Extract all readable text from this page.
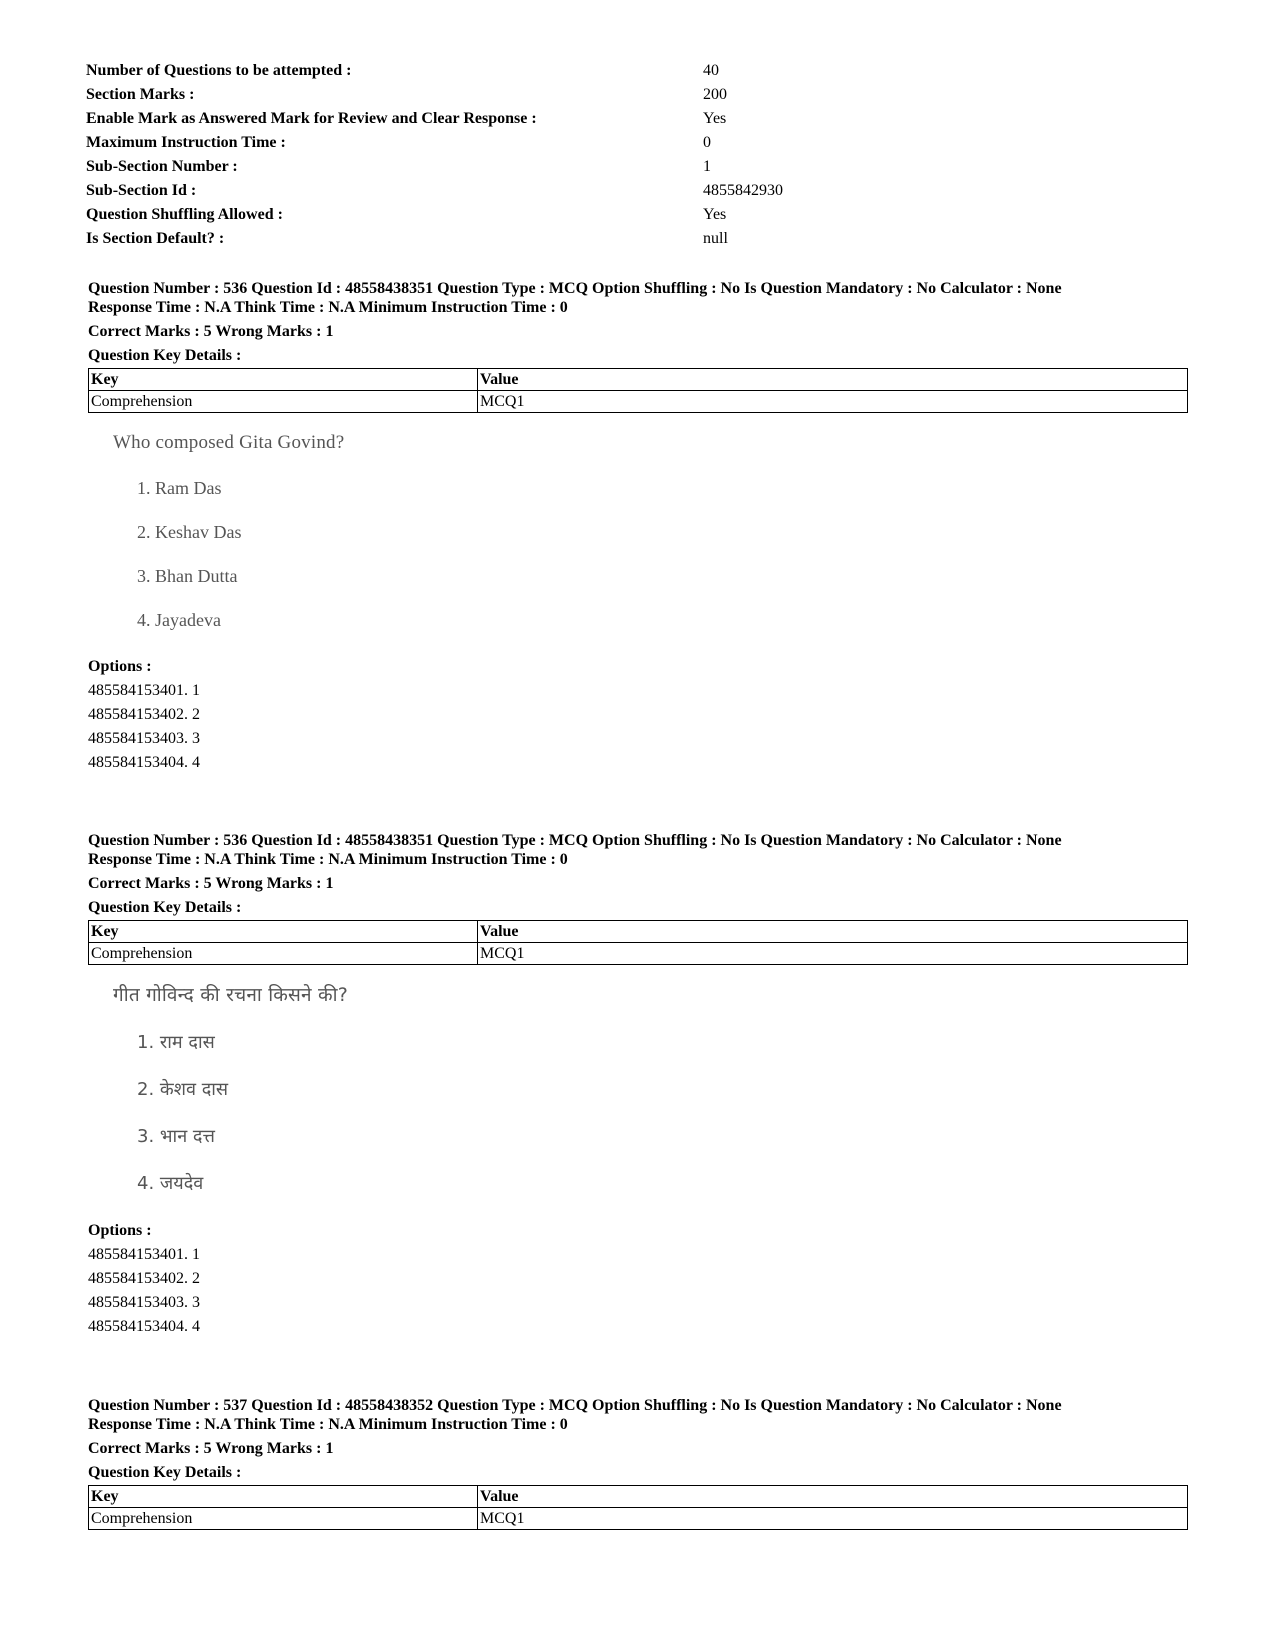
Number of Questions to be attempted :	40
Section Marks :	200
Enable Mark as Answered Mark for Review and Clear Response :	Yes
Maximum Instruction Time :	0
Sub-Section Number :	1
Sub-Section Id :	4855842930
Question Shuffling Allowed :	Yes
Is Section Default? :	null
Question Number : 536 Question Id : 48558438351 Question Type : MCQ Option Shuffling : No Is Question Mandatory : No Calculator : None
Response Time : N.A Think Time : N.A Minimum Instruction Time : 0
Correct Marks : 5 Wrong Marks : 1
Question Key Details :
Key	Value
Comprehension	MCQ1
Who composed Gita Govind?
1. Ram Das
2. Keshav Das
3. Bhan Dutta
4. Jayadeva
Options :
485584153401. 1
485584153402. 2
485584153403. 3
485584153404. 4
Question Number : 536 Question Id : 48558438351 Question Type : MCQ Option Shuffling : No Is Question Mandatory : No Calculator : None
Response Time : N.A Think Time : N.A Minimum Instruction Time : 0
Correct Marks : 5 Wrong Marks : 1
Question Key Details :
Key	Value
Comprehension	MCQ1
गीत गोविन्द की रचना किसने की?
1. राम दास
2. केशव दास
3. भान दत्त
4. जयदेव
Options :
485584153401. 1
485584153402. 2
485584153403. 3
485584153404. 4
Question Number : 537 Question Id : 48558438352 Question Type : MCQ Option Shuffling : No Is Question Mandatory : No Calculator : None
Response Time : N.A Think Time : N.A Minimum Instruction Time : 0
Correct Marks : 5 Wrong Marks : 1
Question Key Details :
Key	Value
Comprehension	MCQ1
